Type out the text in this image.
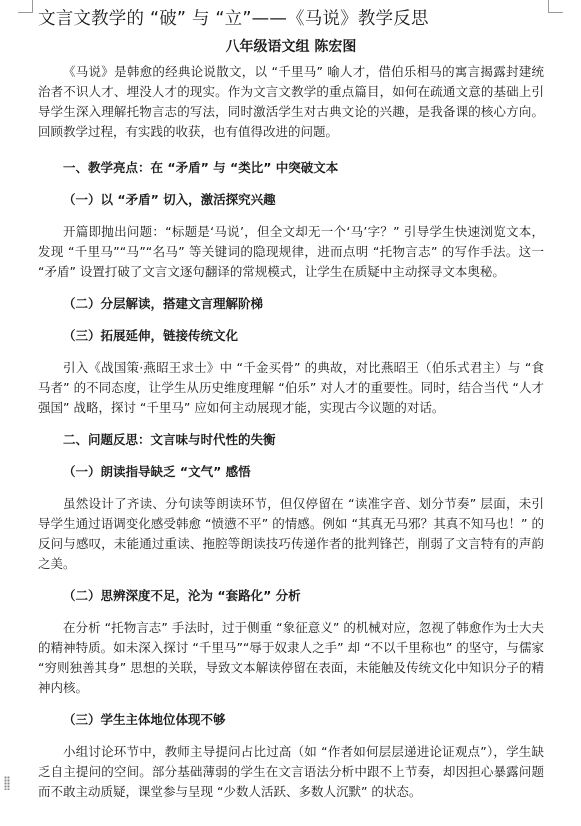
文言文教学的 “破” 与 “立”——《马说》教学反思
八年级语文组 陈宏图

《马说》是韩愈的经典论说散文，以 “千里马” 喻人才，借伯乐相马的寓言揭露封建统治者不识人才、埋没人才的现实。作为文言文教学的重点篇目，如何在疏通文意的基础上引导学生深入理解托物言志的写法，同时激活学生对古典文论的兴趣，是我备课的核心方向。回顾教学过程，有实践的收获，也有值得改进的问题。

一、教学亮点：在 “矛盾” 与 “类比” 中突破文本

（一）以 “矛盾” 切入，激活探究兴趣

开篇即抛出问题：“标题是‘马说’，但全文却无一个‘马’字？” 引导学生快速浏览文本，发现 “千里马”“马”“名马” 等关键词的隐现规律，进而点明 “托物言志” 的写作手法。这一 “矛盾” 设置打破了文言文逐句翻译的常规模式，让学生在质疑中主动探寻文本奥秘。

（二）分层解读，搭建文言理解阶梯

（三）拓展延伸，链接传统文化

引入《战国策·燕昭王求士》中 “千金买骨” 的典故，对比燕昭王（伯乐式君主）与 “食马者” 的不同态度，让学生从历史维度理解 “伯乐” 对人才的重要性。同时，结合当代 “人才强国” 战略，探讨 “千里马” 应如何主动展现才能，实现古今议题的对话。

二、问题反思：文言味与时代性的失衡

（一）朗读指导缺乏 “文气” 感悟

虽然设计了齐读、分句读等朗读环节，但仅停留在 “读准字音、划分节奏” 层面，未引导学生通过语调变化感受韩愈 “愤懑不平” 的情感。例如 “其真无马邪？其真不知马也！” 的反问与感叹，未能通过重读、拖腔等朗读技巧传递作者的批判锋芒，削弱了文言特有的声韵之美。

（二）思辨深度不足，沦为 “套路化” 分析

在分析 “托物言志” 手法时，过于侧重 “象征意义” 的机械对应，忽视了韩愈作为士大夫的精神特质。如未深入探讨 “千里马”“辱于奴隶人之手” 却 “不以千里称也” 的坚守，与儒家 “穷则独善其身” 思想的关联，导致文本解读停留在表面，未能触及传统文化中知识分子的精神内核。

（三）学生主体地位体现不够

小组讨论环节中，教师主导提问占比过高（如 “作者如何层层递进论证观点”），学生缺乏自主提问的空间。部分基础薄弱的学生在文言语法分析中跟不上节奏，却因担心暴露问题而不敢主动质疑，课堂参与呈现 “少数人活跃、多数人沉默” 的状态。
